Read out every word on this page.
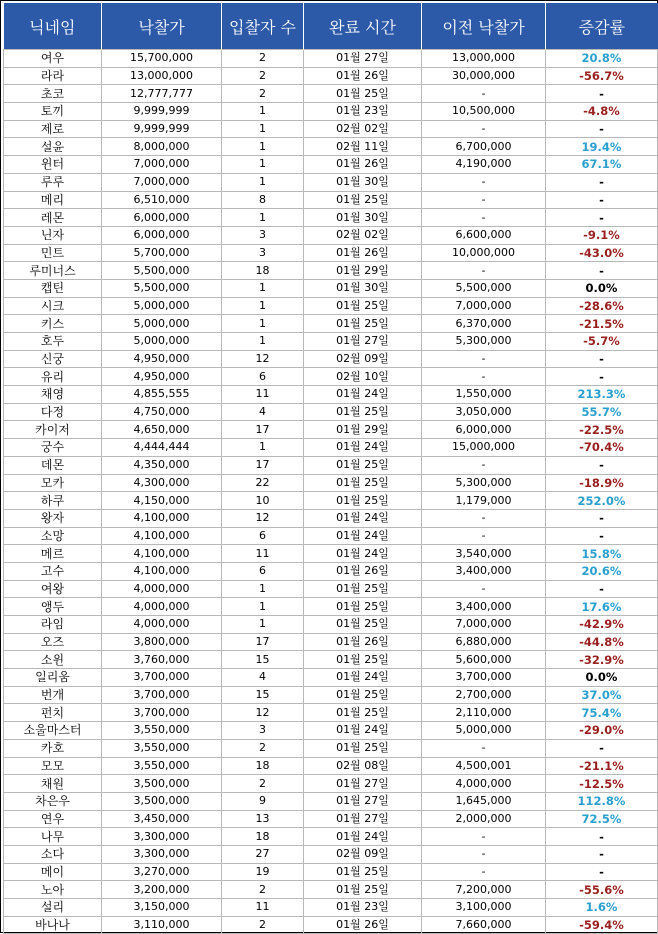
닉네임	낙찰가	입찰자 수	완료 시간	이전 낙찰가	증감률
여우	15,700,000	2	01월 27일	13,000,000	20.8%
라라	13,000,000	2	01월 26일	30,000,000	-56.7%
초코	12,777,777	2	01월 25일	-	-
토끼	9,999,999	1	01월 23일	10,500,000	-4.8%
제로	9,999,999	1	02월 02일	-	-
설윤	8,000,000	1	02월 11일	6,700,000	19.4%
윈터	7,000,000	1	01월 26일	4,190,000	67.1%
루루	7,000,000	1	01월 30일	-	-
메리	6,510,000	8	01월 25일	-	-
레몬	6,000,000	1	01월 30일	-	-
닌자	6,000,000	3	02월 02일	6,600,000	-9.1%
민트	5,700,000	3	01월 26일	10,000,000	-43.0%
루미너스	5,500,000	18	01월 29일	-	-
캡틴	5,500,000	1	01월 30일	5,500,000	0.0%
시크	5,000,000	1	01월 25일	7,000,000	-28.6%
키스	5,000,000	1	01월 25일	6,370,000	-21.5%
호두	5,000,000	1	01월 27일	5,300,000	-5.7%
신궁	4,950,000	12	02월 09일	-	-
유리	4,950,000	6	02월 10일	-	-
채영	4,855,555	11	01월 24일	1,550,000	213.3%
다정	4,750,000	4	01월 25일	3,050,000	55.7%
카이저	4,650,000	17	01월 29일	6,000,000	-22.5%
궁수	4,444,444	1	01월 24일	15,000,000	-70.4%
데몬	4,350,000	17	01월 25일	-	-
모카	4,300,000	22	01월 25일	5,300,000	-18.9%
하쿠	4,150,000	10	01월 25일	1,179,000	252.0%
왕자	4,100,000	12	01월 24일	-	-
소망	4,100,000	6	01월 24일	-	-
메르	4,100,000	11	01월 24일	3,540,000	15.8%
고수	4,100,000	6	01월 26일	3,400,000	20.6%
여왕	4,000,000	1	01월 25일	-	-
앵두	4,000,000	1	01월 25일	3,400,000	17.6%
라임	4,000,000	1	01월 25일	7,000,000	-42.9%
오즈	3,800,000	17	01월 26일	6,880,000	-44.8%
소윈	3,760,000	15	01월 25일	5,600,000	-32.9%
일리움	3,700,000	4	01월 24일	3,700,000	0.0%
번개	3,700,000	15	01월 25일	2,700,000	37.0%
펀치	3,700,000	12	01월 25일	2,110,000	75.4%
소울마스터	3,550,000	3	01월 24일	5,000,000	-29.0%
카호	3,550,000	2	01월 25일	-	-
모모	3,550,000	18	02월 08일	4,500,001	-21.1%
채원	3,500,000	2	01월 27일	4,000,000	-12.5%
차은우	3,500,000	9	01월 27일	1,645,000	112.8%
연우	3,450,000	13	01월 27일	2,000,000	72.5%
나무	3,300,000	18	01월 24일	-	-
소다	3,300,000	27	02월 09일	-	-
메이	3,270,000	19	01월 25일	-	-
노아	3,200,000	2	01월 25일	7,200,000	-55.6%
설리	3,150,000	11	01월 23일	3,100,000	1.6%
바나나	3,110,000	2	01월 26일	7,660,000	-59.4%
